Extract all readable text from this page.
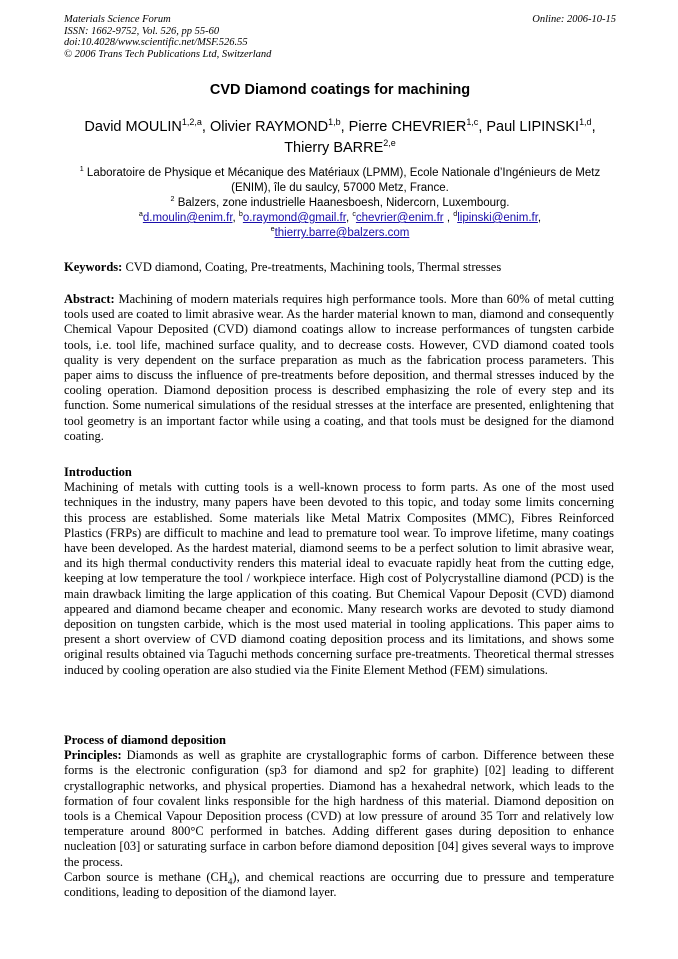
Materials Science Forum
ISSN: 1662-9752, Vol. 526, pp 55-60
doi:10.4028/www.scientific.net/MSF.526.55
© 2006 Trans Tech Publications Ltd, Switzerland
Online: 2006-10-15
CVD Diamond coatings for machining
David MOULIN$^{1,2,a}$, Olivier RAYMOND$^{1,b}$, Pierre CHEVRIER$^{1,c}$, Paul LIPINSKI$^{1,d}$, Thierry BARRE$^{2,e}$
$^1$ Laboratoire de Physique et Mécanique des Matériaux (LPMM), Ecole Nationale d’Ingénieurs de Metz (ENIM), île du saulcy, 57000 Metz, France.
$^2$ Balzers, zone industrielle Haanesboesh, Nidercorn, Luxembourg.
$^a$d.moulin@enim.fr, $^b$o.raymond@gmail.fr, $^c$chevrier@enim.fr , $^d$lipinski@enim.fr,
$^e$thierry.barre@balzers.com

Keywords: CVD diamond, Coating, Pre-treatments, Machining tools, Thermal stresses

Abstract: Machining of modern materials requires high performance tools. More than 60% of metal cutting tools used are coated to limit abrasive wear. As the harder material known to man, diamond and consequently Chemical Vapour Deposited (CVD) diamond coatings allow to increase performances of tungsten carbide tools, i.e. tool life, machined surface quality, and to decrease costs. However, CVD diamond coated tools quality is very dependent on the surface preparation as much as the fabrication process parameters. This paper aims to discuss the influence of pre-treatments before deposition, and thermal stresses induced by the cooling operation. Diamond deposition process is described emphasizing the role of every step and its function. Some numerical simulations of the residual stresses at the interface are presented, enlightening that tool geometry is an important factor while using a coating, and that tools must be designed for the diamond coating.

Introduction

Machining of metals with cutting tools is a well-known process to form parts. As one of the most used techniques in the industry, many papers have been devoted to this topic, and today some limits concerning this process are established. Some materials like Metal Matrix Composites (MMC), Fibres Reinforced Plastics (FRPs) are difficult to machine and lead to premature tool wear. To improve lifetime, many coatings have been developed. As the hardest material, diamond seems to be a perfect solution to limit abrasive wear, and its high thermal conductivity renders this material ideal to evacuate rapidly heat from the cutting edge, keeping at low temperature the tool / workpiece interface. High cost of Polycrystalline diamond (PCD) is the main drawback limiting the large application of this coating. But Chemical Vapour Deposit (CVD) diamond appeared and diamond became cheaper and economic. Many research works are devoted to study diamond deposition on tungsten carbide, which is the most used material in tooling applications. This paper aims to present a short overview of CVD diamond coating deposition process and its limitations, and shows some original results obtained via Taguchi methods concerning surface pre-treatments. Theoretical thermal stresses induced by cooling operation are also studied via the Finite Element Method (FEM) simulations.

Process of diamond deposition

Principles: Diamonds as well as graphite are crystallographic forms of carbon. Difference between these forms is the electronic configuration (sp3 for diamond and sp2 for graphite) [02] leading to different crystallographic networks, and physical properties. Diamond has a hexahedral network, which leads to the formation of four covalent links responsible for the high hardness of this material. Diamond deposition on tools is a Chemical Vapour Deposition process (CVD) at low pressure of around 35 Torr and relatively low temperature around 800°C performed in batches. Adding different gases during deposition to enhance nucleation [03] or saturating surface in carbon before diamond deposition [04] gives several ways to improve the process.

Carbon source is methane $(CH_4)$, and chemical reactions are occurring due to pressure and temperature conditions, leading to deposition of the diamond layer.
